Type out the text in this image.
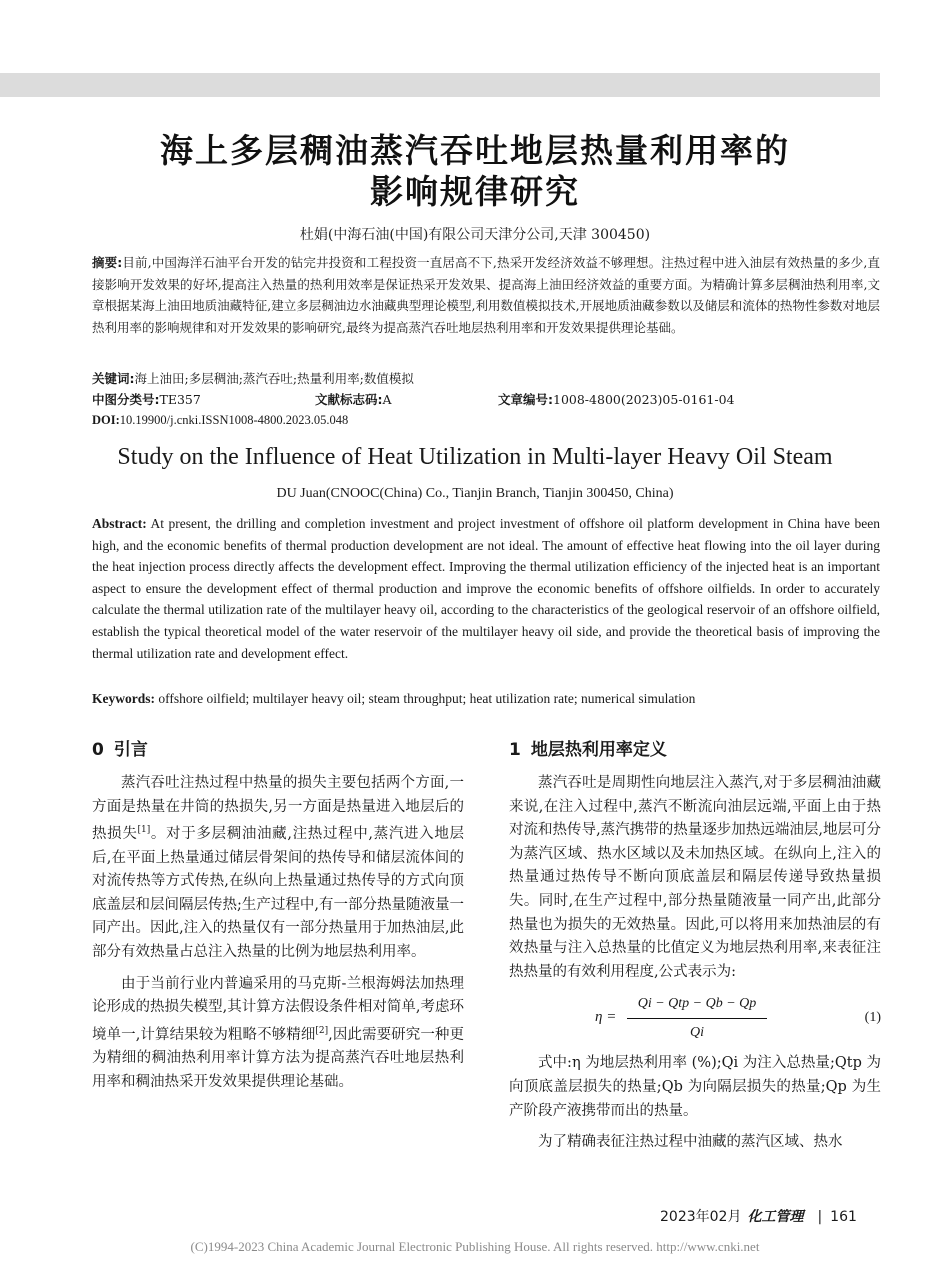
海上多层稠油蒸汽吞吐地层热量利用率的
影响规律研究
杜娟(中海石油(中国)有限公司天津分公司,天津 300450)
摘要:目前,中国海洋石油平台开发的钻完井投资和工程投资一直居高不下,热采开发经济效益不够理想。注热过程中进入油层有效热量的多少,直接影响开发效果的好坏,提高注入热量的热利用效率是保证热采开发效果、提高海上油田经济效益的重要方面。为精确计算多层稠油热利用率,文章根据某海上油田地质油藏特征,建立多层稠油边水油藏典型理论模型,利用数值模拟技术,开展地质油藏参数以及储层和流体的热物性参数对地层热利用率的影响规律和对开发效果的影响研究,最终为提高蒸汽吞吐地层热利用率和开发效果提供理论基础。
关键词:海上油田;多层稠油;蒸汽吞吐;热量利用率;数值模拟
中图分类号:TE357	文献标志码:A	文章编号:1008-4800(2023)05-0161-04
DOI:10.19900/j.cnki.ISSN1008-4800.2023.05.048
Study on the Influence of Heat Utilization in Multi-layer Heavy Oil Steam
DU Juan(CNOOC(China) Co., Tianjin Branch, Tianjin 300450, China)
Abstract: At present, the drilling and completion investment and project investment of offshore oil platform development in China have been high, and the economic benefits of thermal production development are not ideal. The amount of effective heat flowing into the oil layer during the heat injection process directly affects the development effect. Improving the thermal utilization efficiency of the injected heat is an important aspect to ensure the development effect of thermal production and improve the economic benefits of offshore oilfields. In order to accurately calculate the thermal utilization rate of the multilayer heavy oil, according to the characteristics of the geological reservoir of an offshore oilfield, establish the typical theoretical model of the water reservoir of the multilayer heavy oil side, and provide the theoretical basis of improving the thermal utilization rate and development effect.
Keywords: offshore oilfield; multilayer heavy oil; steam throughput; heat utilization rate; numerical simulation
0 引言

蒸汽吞吐注热过程中热量的损失主要包括两个方面,一方面是热量在井筒的热损失,另一方面是热量进入地层后的热损失[1]。对于多层稠油油藏,注热过程中,蒸汽进入地层后,在平面上热量通过储层骨架间的热传导和储层流体间的对流传热等方式传热,在纵向上热量通过热传导的方式向顶底盖层和层间隔层传热;生产过程中,有一部分热量随液量一同产出。因此,注入的热量仅有一部分热量用于加热油层,此部分有效热量占总注入热量的比例为地层热利用率。

由于当前行业内普遍采用的马克斯-兰根海姆法加热理论形成的热损失模型,其计算方法假设条件相对简单,考虑环境单一,计算结果较为粗略不够精细[2],因此需要研究一种更为精细的稠油热利用率计算方法为提高蒸汽吞吐地层热利用率和稠油热采开发效果提供理论基础。

1 地层热利用率定义

蒸汽吞吐是周期性向地层注入蒸汽,对于多层稠油油藏来说,在注入过程中,蒸汽不断流向油层远端,平面上由于热对流和热传导,蒸汽携带的热量逐步加热远端油层,地层可分为蒸汽区域、热水区域以及未加热区域。在纵向上,注入的热量通过热传导不断向顶底盖层和隔层传递导致热量损失。同时,在生产过程中,部分热量随液量一同产出,此部分热量也为损失的无效热量。因此,可以将用来加热油层的有效热量与注入总热量的比值定义为地层热利用率,来表征注热热量的有效利用程度,公式表示为:

η =
Qi − Qtp − Qb − Qp
Qi
(1)

式中:η 为地层热利用率 (%);Qi 为注入总热量;Qtp 为向顶底盖层损失的热量;Qb 为向隔层损失的热量;Qp 为生产阶段产液携带而出的热量。

为了精确表征注热过程中油藏的蒸汽区域、热水

2023年02月 化工管理 | 161
(C)1994-2023 China Academic Journal Electronic Publishing House. All rights reserved. http://www.cnki.net
